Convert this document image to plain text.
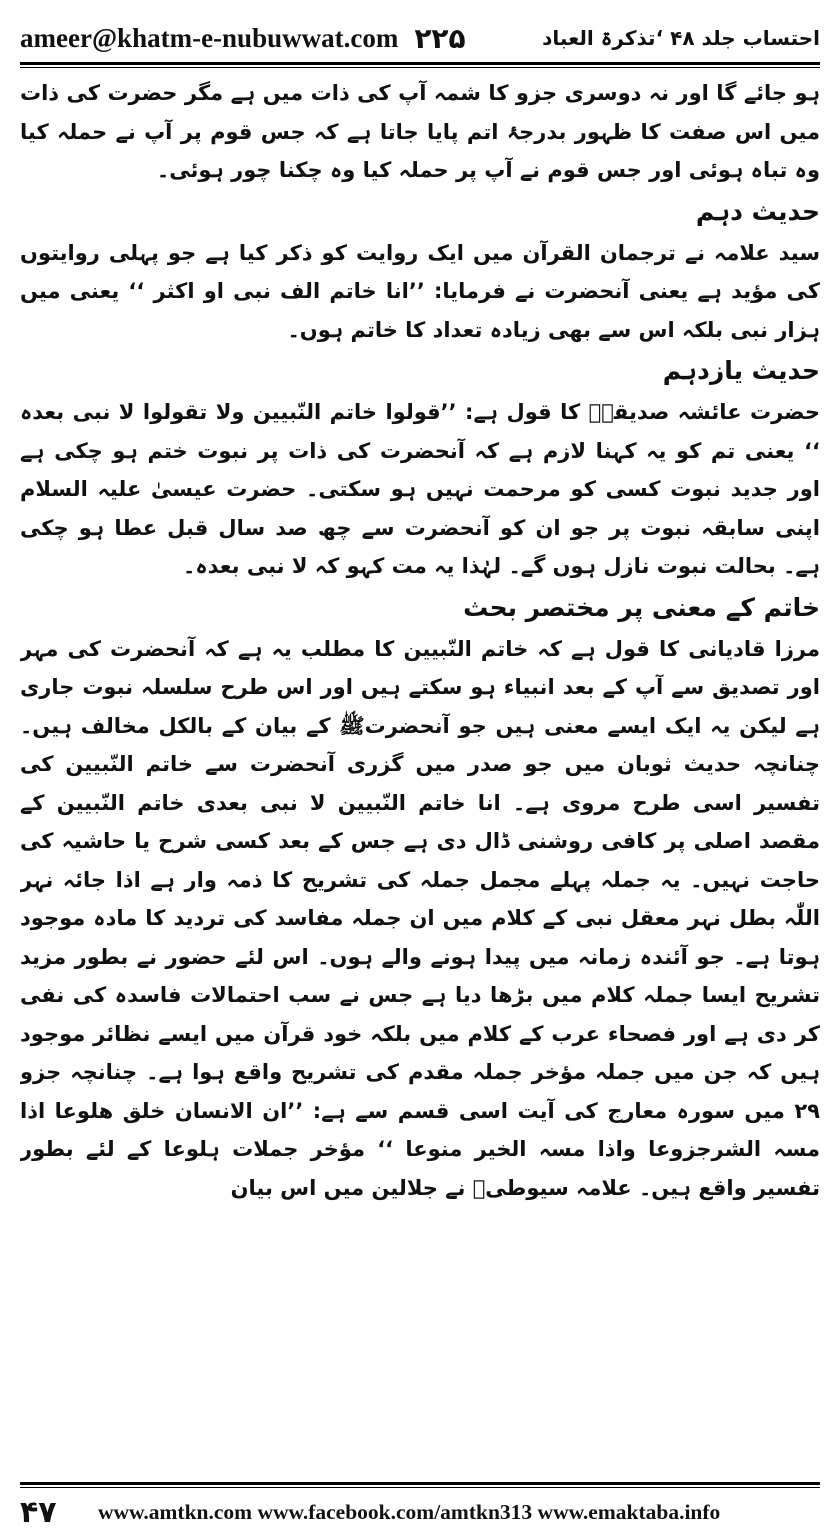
ameer@khatm-e-nubuwwat.com ۲۲۵	احتساب جلد ۴۸ ‘تذکرۃ العباد

ہو جائے گا اور نہ دوسری جزو کا شمہ آپ کی ذات میں ہے مگر حضرت کی ذات میں اس صفت کا ظہور بدرجۂ اتم پایا جاتا ہے کہ جس قوم پر آپ نے حملہ کیا وہ تباہ ہوئی اور جس قوم نے آپ پر حملہ کیا وہ چکنا چور ہوئی۔

حدیث دہم

سید علامہ نے ترجمان القرآن میں ایک روایت کو ذکر کیا ہے جو پہلی روایتوں کی مؤید ہے یعنی آنحضرت نے فرمایا: ’’انا خاتم الف نبی او اکثر ‘‘ یعنی میں ہزار نبی بلکہ اس سے بھی زیادہ تعداد کا خاتم ہوں۔

حدیث یازدہم

حضرت عائشہ صدیقہؓ کا قول ہے: ’’قولوا خاتم النّبیین ولا تقولوا لا نبی بعدہ ‘‘ یعنی تم کو یہ کہنا لازم ہے کہ آنحضرت کی ذات پر نبوت ختم ہو چکی ہے اور جدید نبوت کسی کو مرحمت نہیں ہو سکتی۔ حضرت عیسیٰ علیہ السلام اپنی سابقہ نبوت پر جو ان کو آنحضرت سے چھ صد سال قبل عطا ہو چکی ہے۔ بحالت نبوت نازل ہوں گے۔ لہٰذا یہ مت کہو کہ لا نبی بعدہ۔

خاتم کے معنی پر مختصر بحث

مرزا قادیانی کا قول ہے کہ خاتم النّبیین کا مطلب یہ ہے کہ آنحضرت کی مہر اور تصدیق سے آپ کے بعد انبیاء ہو سکتے ہیں اور اس طرح سلسلہ نبوت جاری ہے لیکن یہ ایک ایسے معنی ہیں جو آنحضرتﷺ کے بیان کے بالکل مخالف ہیں۔ چنانچہ حدیث ثوبان میں جو صدر میں گزری آنحضرت سے خاتم النّبیین کی تفسیر اسی طرح مروی ہے۔ انا خاتم النّبیین لا نبی بعدی خاتم النّبیین کے مقصد اصلی پر کافی روشنی ڈال دی ہے جس کے بعد کسی شرح یا حاشیہ کی حاجت نہیں۔ یہ جملہ پہلے مجمل جملہ کی تشریح کا ذمہ وار ہے اذا جائہ نہر اللّٰہ بطل نہر معقل نبی کے کلام میں ان جملہ مفاسد کی تردید کا مادہ موجود ہوتا ہے۔ جو آئندہ زمانہ میں پیدا ہونے والے ہوں۔ اس لئے حضور نے بطور مزید تشریح ایسا جملہ کلام میں بڑھا دیا ہے جس نے سب احتمالات فاسدہ کی نفی کر دی ہے اور فصحاء عرب کے کلام میں بلکہ خود قرآن میں ایسے نظائر موجود ہیں کہ جن میں جملہ مؤخر جملہ مقدم کی تشریح واقع ہوا ہے۔ چنانچہ جزو ۲۹ میں سورہ معارج کی آیت اسی قسم سے ہے: ’’ان الانسان خلق ھلوعا اذا مسہ الشرجزوعا واذا مسہ الخیر منوعا ‘‘ مؤخر جملات ہلوعا کے لئے بطور تفسیر واقع ہیں۔ علامہ سیوطیؒ نے جلالین میں اس بیان

۴۷	www.amtkn.com www.facebook.com/amtkn313 www.emaktaba.info
